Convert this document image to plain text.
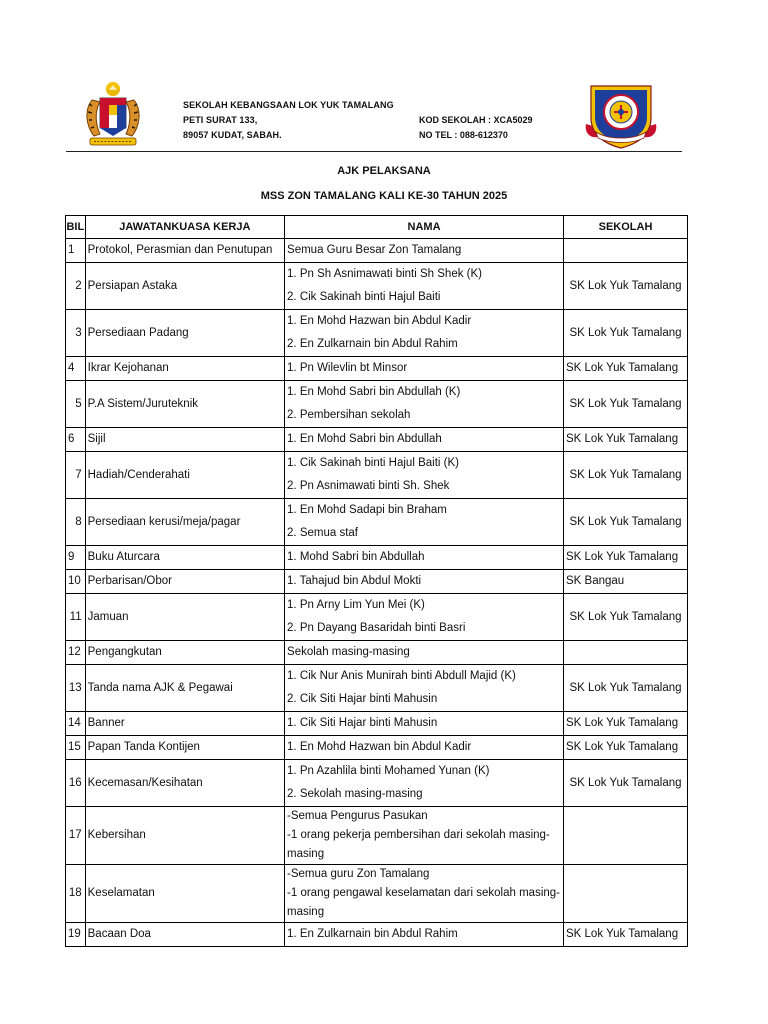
SEKOLAH KEBANGSAAN LOK YUK TAMALANG
PETI SURAT 133,
89057 KUDAT, SABAH.
KOD SEKOLAH : XCA5029
NO TEL : 088-612370
AJK PELAKSANA
MSS ZON TAMALANG KALI KE-30 TAHUN 2025
BIL	JAWATANKUASA KERJA	NAMA	SEKOLAH
1	Protokol, Perasmian dan Penutupan	Semua Guru Besar Zon Tamalang	

2	Persiapan Astaka	1. Pn Sh Asnimawati binti Sh Shek (K)
2. Cik Sakinah binti Hajul Baiti	SK Lok Yuk Tamalang
3	Persediaan Padang	1. En Mohd Hazwan bin Abdul Kadir
2. En Zulkarnain bin Abdul Rahim	SK Lok Yuk Tamalang
4	Ikrar Kejohanan	1. Pn Wilevlin bt Minsor	SK Lok Yuk Tamalang
5	P.A Sistem/Juruteknik	1. En Mohd Sabri bin Abdullah (K)
2. Pembersihan sekolah	SK Lok Yuk Tamalang
6	Sijil	1. En Mohd Sabri bin Abdullah	SK Lok Yuk Tamalang
7	Hadiah/Cenderahati	1. Cik Sakinah binti Hajul Baiti (K)
2. Pn Asnimawati binti Sh. Shek	SK Lok Yuk Tamalang
8	Persediaan kerusi/meja/pagar	1. En Mohd Sadapi bin Braham
2. Semua staf	SK Lok Yuk Tamalang
9	Buku Aturcara	1. Mohd Sabri bin Abdullah	SK Lok Yuk Tamalang
10	Perbarisan/Obor	1. Tahajud bin Abdul Mokti	SK Bangau
11	Jamuan	1. Pn Arny Lim Yun Mei (K)
2. Pn Dayang Basaridah binti Basri	SK Lok Yuk Tamalang
12	Pengangkutan	Sekolah masing-masing	

13	Tanda nama AJK & Pegawai	1. Cik Nur Anis Munirah binti Abdull Majid (K)
2. Cik Siti Hajar binti Mahusin	SK Lok Yuk Tamalang
14	Banner	1. Cik Siti Hajar binti Mahusin	SK Lok Yuk Tamalang
15	Papan Tanda Kontijen	1. En Mohd Hazwan bin Abdul Kadir	SK Lok Yuk Tamalang
16	Kecemasan/Kesihatan	1. Pn Azahlila binti Mohamed Yunan (K)
2. Sekolah masing-masing	SK Lok Yuk Tamalang
17	Kebersihan	-Semua Pengurus Pasukan
-1 orang pekerja pembersihan dari sekolah masing-masing	

18	Keselamatan	-Semua guru Zon Tamalang
-1 orang pengawal keselamatan dari sekolah masing-masing	

19	Bacaan Doa	1. En Zulkarnain bin Abdul Rahim	SK Lok Yuk Tamalang
